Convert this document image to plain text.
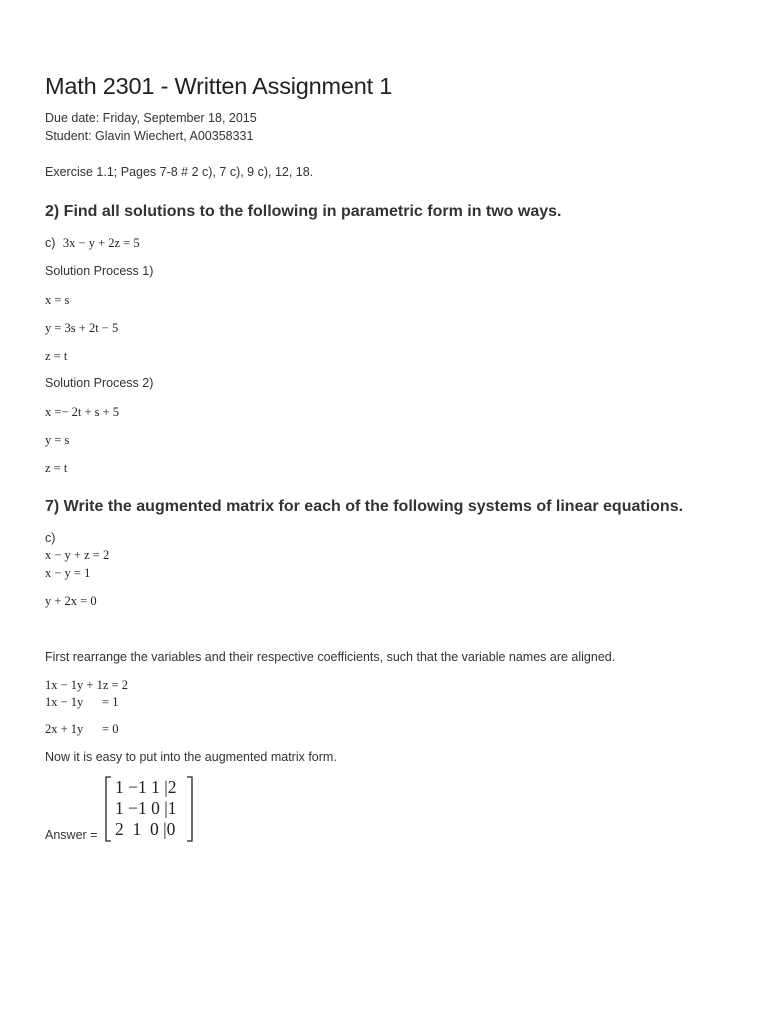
Math 2301 - Written Assignment 1
Due date: Friday, September 18, 2015
Student: Glavin Wiechert, A00358331
Exercise 1.1; Pages 7-8 # 2 c), 7 c), 9 c), 12, 18.
2) Find all solutions to the following in parametric form in two ways.
c) 3x − y + 2z = 5
Solution Process 1)
x = s
y = 3s + 2t − 5
z = t
Solution Process 2)
x =− 2t + s + 5
y = s
z = t
7) Write the augmented matrix for each of the following systems of linear equations.
c)
x − y + z = 2
x − y = 1
y + 2x = 0
First rearrange the variables and their respective coefficients, such that the variable names are aligned.
1x − 1y + 1z = 2
1x − 1y      = 1
2x + 1y      = 0
Now it is easy to put into the augmented matrix form.
Answer =
1 −1 1 |2
1 −1 0 |1
2  1  0 |0
